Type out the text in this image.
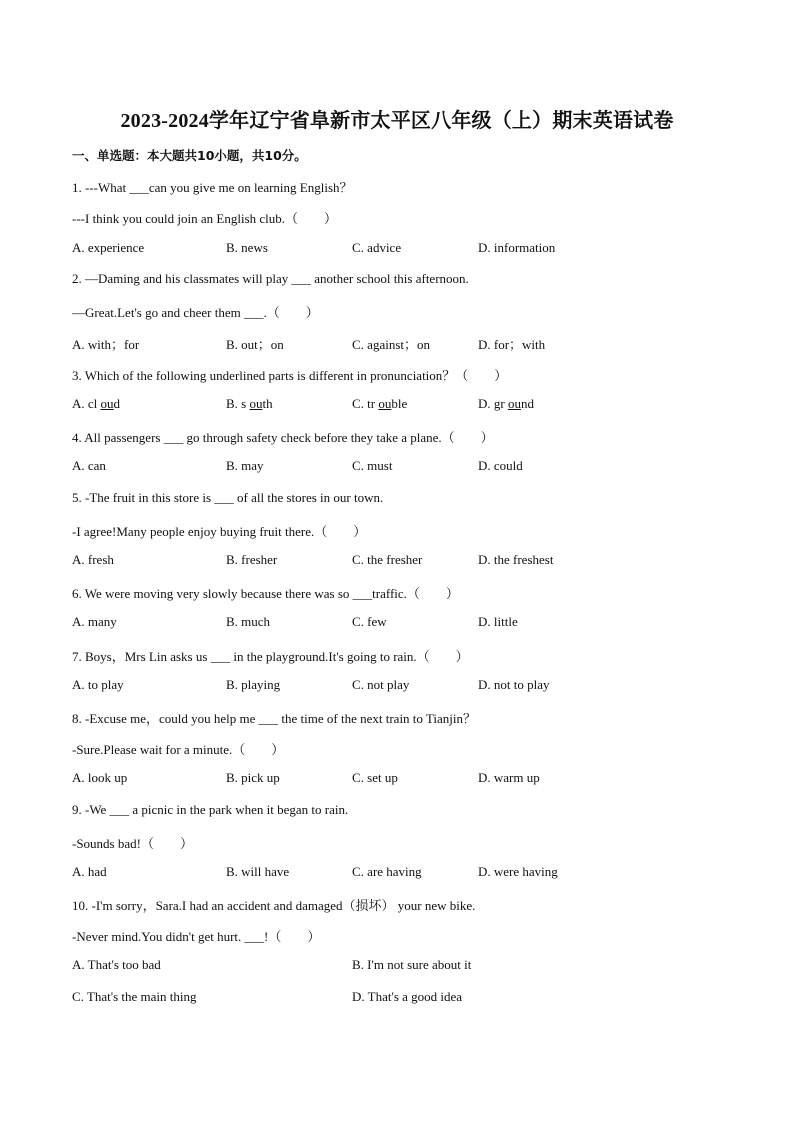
2023-2024学年辽宁省阜新市太平区八年级（上）期末英语试卷
一、单选题：本大题共10小题，共10分。
1. ---What ___can you give me on learning English？
---I think you could join an English club.（　　）
A. experience	B. news	C. advice	D. information
2. —Daming and his classmates will play ___ another school this afternoon.
—Great.Let's go and cheer them ___.（　　）
A. with；for	B. out；on	C. against；on	D. for；with
3. Which of the following underlined parts is different in pronunciation？（　　）
A. cl oud	B. s outh	C. tr ouble	D. gr ound
4. All passengers ___ go through safety check before they take a plane.（　　）
A. can	B. may	C. must	D. could
5. -The fruit in this store is ___ of all the stores in our town.
-I agree!Many people enjoy buying fruit there.（　　）
A. fresh	B. fresher	C. the fresher	D. the freshest
6. We were moving very slowly because there was so ___traffic.（　　）
A. many	B. much	C. few	D. little
7. Boys，Mrs Lin asks us ___ in the playground.It's going to rain.（　　）
A. to play	B. playing	C. not play	D. not to play
8. -Excuse me，could you help me ___ the time of the next train to Tianjin？
-Sure.Please wait for a minute.（　　）
A. look up	B. pick up	C. set up	D. warm up
9. -We ___ a picnic in the park when it began to rain.
-Sounds bad!（　　）
A. had	B. will have	C. are having	D. were having
10. -I'm sorry，Sara.I had an accident and damaged（损坏） your new bike.
-Never mind.You didn't get hurt. ___!（　　）
A. That's too bad	B. I'm not sure about it
C. That's the main thing	D. That's a good idea
